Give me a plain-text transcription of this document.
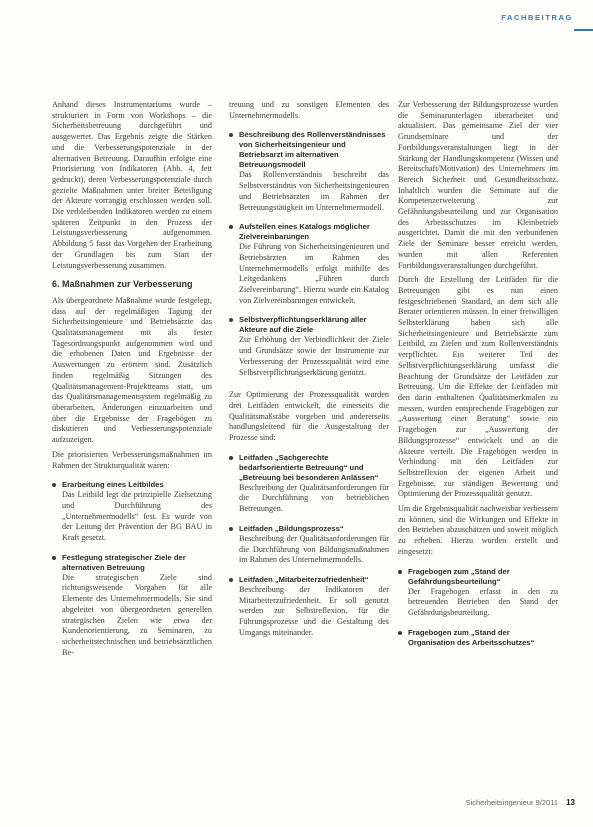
FACHBEITRAG

Anhand dieses Instrumentariums wurde – strukturiert in Form von Workshops – die Sicherheitsbetreuung durchgeführt und ausgewertet. Das Ergebnis zeigte die Stärken und die Verbesserungspotenziale in der alternativen Betreuung. Daraufhin erfolgte eine Priorisierung von Indikatoren (Abb. 4, fett gedruckt), deren Verbesserungspotenziale durch gezielte Maßnahmen unter breiter Beteiligung der Akteure vorrangig erschlossen werden soll. Die verbleibenden Indikatoren werden zu einem späteren Zeitpunkt in den Prozess der Leistungsverbesserung aufgenommen. Abbildung 5 fasst das Vorgehen der Erarbeitung der Grundlagen bis zum Start der Leistungsverbesserung zusammen.

6. Maßnahmen zur Verbesserung

Als übergeordnete Maßnahme wurde festgelegt, dass auf der regelmäßigen Tagung der Sicherheitsingenieure und Betriebsärzte das Qualitätsmanagement mit als fester Tagesordnungspunkt aufgenommen wird und die erhobenen Daten und Ergebnisse der Auswertungen zu erörtern sind. Zusätzlich finden regelmäßig Sitzungen des Qualitätsmanagement-Projektteams statt, um das Qualitätsmanagementsystem regelmäßig zu überarbeiten, Änderungen einzuarbeiten und über die Ergebnisse der Fragebögen zu diskutieren und Verbesserungspotenziale aufzuzeigen.

Die priorisierten Verbesserungsmaßnahmen im Rahmen der Strukturqualität waren:

Erarbeitung eines Leitbildes
Das Leitbild legt die prinzipielle Zielsetzung und Durchführung des „Unternehmermodells“ fest. Es wurde von der Leitung der Prävention der BG BAU in Kraft gesetzt.
Festlegung strategischer Ziele der alternativen Betreuung
Die strategischen Ziele sind richtungsweisende Vorgaben für alle Elemente des Unternehmermodells. Sie sind abgeleitet von übergeordneten generellen strategischen Zielen wie etwa der Kundenorientierung, zu Seminaren, zu sicherheitstechnischen und betriebsärztlichen Be-

treuung und zu sonstigen Elementen des Unternehmermodells.

Beschreibung des Rollenverständnisses von Sicherheitsingenieur und Betriebsarzt im alternativen Betreuungsmodell
Das Rollenverständnis beschreibt das Selbstverständnis von Sicherheitsingenieuren und Betriebsärzten im Rahmen der Betreuungstätigkeit im Unternehmermodell.
Aufstellen eines Katalogs möglicher Zielvereinbarungen
Die Führung von Sicherheitsingenieuren und Betriebsärzten im Rahmen des Unternehmermodells erfolgt mithilfe des Leitgedankens „Führen durch Zielvereinbarung“. Hierzu wurde ein Katalog von Zielvereinbarungen entwickelt.
Selbstverpflichtungserklärung aller Akteure auf die Ziele
Zur Erhöhung der Verbindlichkeit der Ziele und Grundsätze sowie der Instrumente zur Verbesserung der Prozessqualität wird eine Selbstverpflichtungserklärung genutzt.

Zur Optimierung der Prozessqualität wurden drei Leitfäden entwickelt, die einerseits die Qualitätsmaßstäbe vorgeben und andererseits handlungsleitend für die Ausgestaltung der Prozesse sind:

Leitfaden „Sachgerechte bedarfsorientierte Betreuung“ und „Betreuung bei besonderen Anlässen“
Beschreibung der Qualitätsanforderungen für die Durchführung von betrieblichen Betreuungen.
Leitfaden „Bildungsprozess“
Beschreibung der Qualitätsanforderungen für die Durchführung von Bildungsmaßnahmen im Rahmen des Unternehmermodells.
Leitfaden „Mitarbeiterzufriedenheit“
Beschreibung der Indikatoren der Mitarbeiterzufriedenheit. Er soll genutzt werden zur Selbstreflexion, für die Führungsprozesse und die Gestaltung des Umgangs miteinander.

Zur Verbesserung der Bildungsprozesse wurden die Seminarunterlagen überarbeitet und aktualisiert. Das gemeinsame Ziel der vier Grundseminare und der Fortbildungsveranstaltungen liegt in der Stärkung der Handlungskompetenz (Wissen und Bereitschaft/Motivation) des Unternehmers im Bereich Sicherheit und Gesundheitsschutz. Inhaltlich wurden die Seminare auf die Kompetenzerweiterung zur Gefährdungsbeurteilung und zur Organisation des Arbeitsschutzes im Kleinbetrieb ausgerichtet. Damit die mit den verbundenen Ziele der Seminare besser erreicht werden, wurden mit allen Referenten Fortbildungsveranstaltungen durchgeführt.

Durch die Erstellung der Leitfäden für die Betreuungen gibt es nun einen festgeschriebenen Standard, an dem sich alle Berater orientieren müssen. In einer freiwilligen Selbsterklärung haben sich alle Sicherheitsingenieure und Betriebsärzte zum Leitbild, zu Zielen und zum Rollenverständnis verpflichtet. Ein weiterer Teil der Selbstverpflichtungserklärung umfasst die Beachtung der Grundsätze der Leitfäden zur Betreuung. Um die Effekte der Leitfäden mit den darin enthaltenen Qualitätsmerkmalen zu messen, wurden entsprechende Fragebögen zur „Auswertung einer Beratung“ sowie ein Fragebogen zur „Auswertung der Bildungsprozesse“ entwickelt und an die Akteure verteilt. Die Fragebögen werden in Verbindung mit den Leitfäden zur Selbstreflexion der eigenen Arbeit und Ergebnisse, zur ständigen Bewertung und Optimierung der Prozessqualität genutzt.

Um die Ergebnisqualität nachweisbar verbessern zu können, sind die Wirkungen und Effekte in den Betrieben abzuschätzen und soweit möglich zu erheben. Hierzu wurden erstellt und eingesetzt:

Fragebogen zum „Stand der Gefährdungsbeurteilung“
Der Fragebogen erfasst in den zu betreuenden Betrieben den Stand der Gefährdungsbeurteilung.
Fragebogen zum „Stand der Organisation des Arbeitsschutzes“
Sicherheitsingenieur 9/2011 13
